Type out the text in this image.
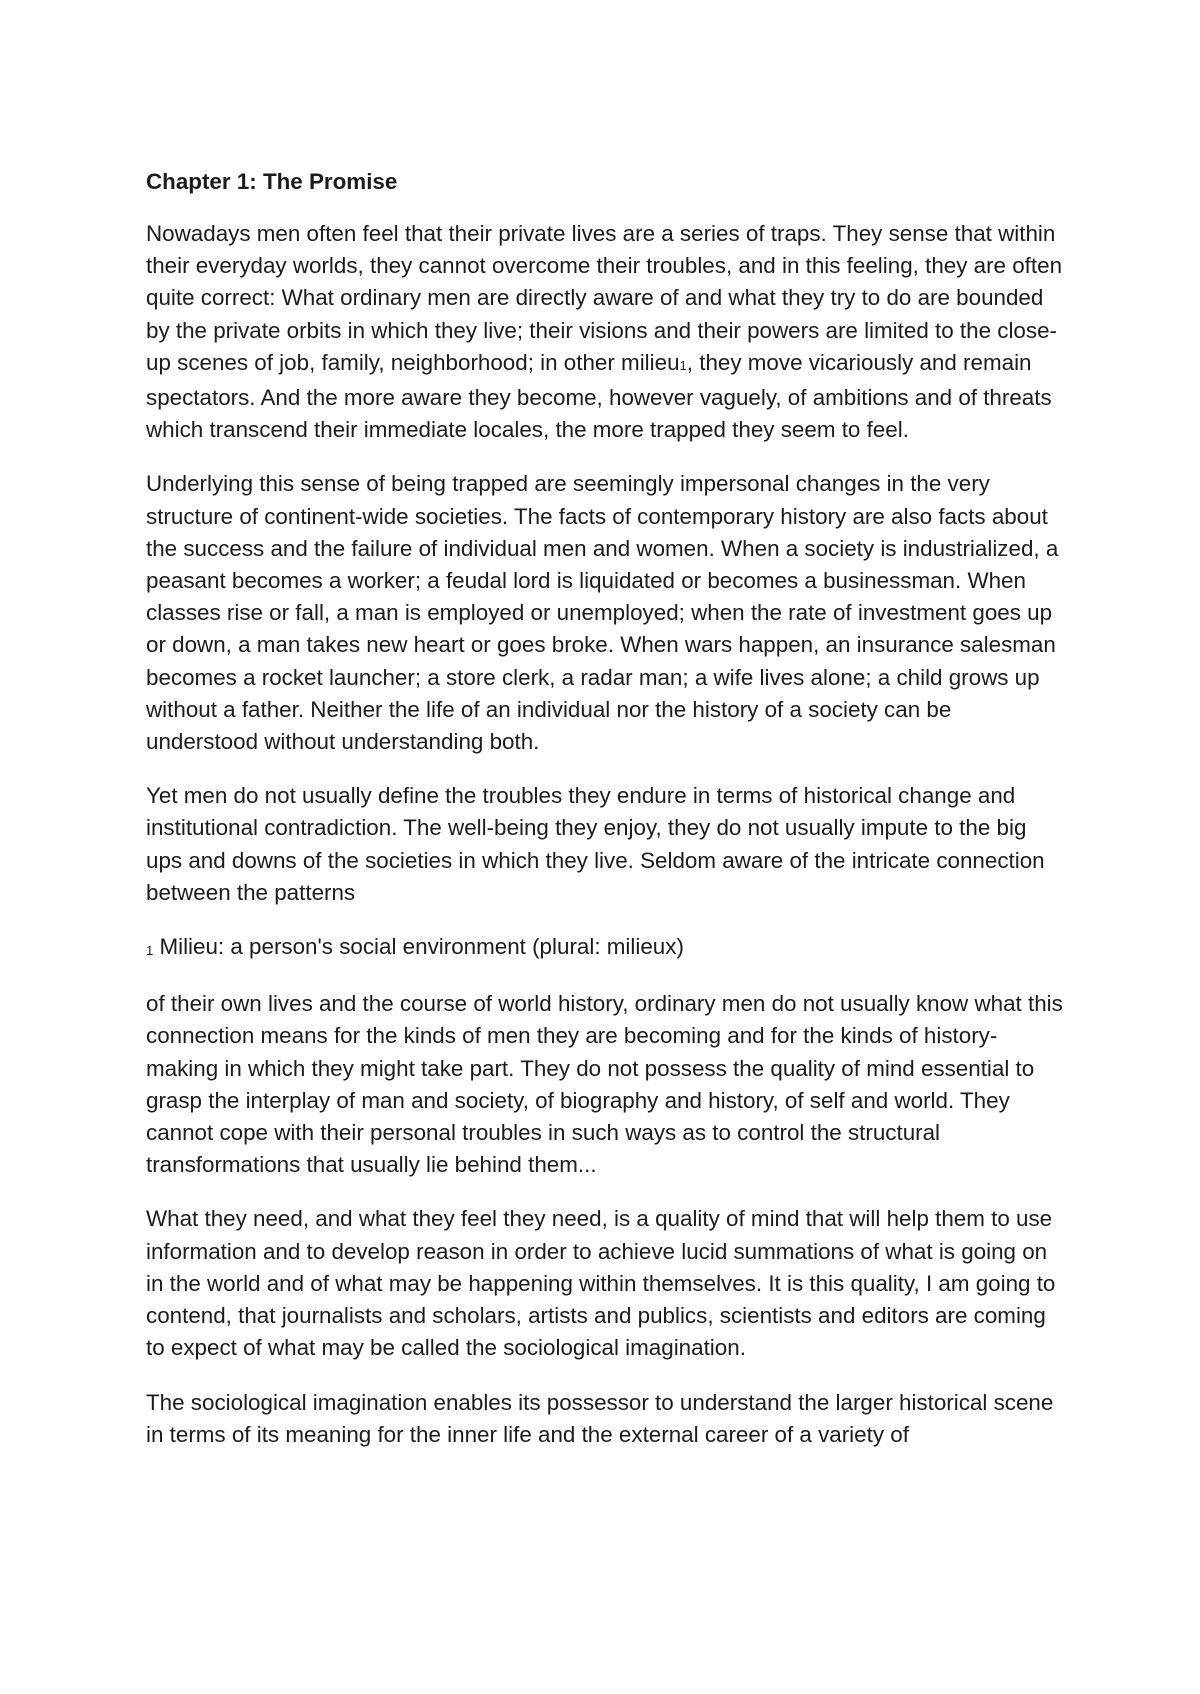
Chapter 1: The Promise

Nowadays men often feel that their private lives are a series of traps. They sense that within their everyday worlds, they cannot overcome their troubles, and in this feeling, they are often quite correct: What ordinary men are directly aware of and what they try to do are bounded by the private orbits in which they live; their visions and their powers are limited to the close-up scenes of job, family, neighborhood; in other milieu1, they move vicariously and remain spectators. And the more aware they become, however vaguely, of ambitions and of threats which transcend their immediate locales, the more trapped they seem to feel.

Underlying this sense of being trapped are seemingly impersonal changes in the very structure of continent-wide societies. The facts of contemporary history are also facts about the success and the failure of individual men and women. When a society is industrialized, a peasant becomes a worker; a feudal lord is liquidated or becomes a businessman. When classes rise or fall, a man is employed or unemployed; when the rate of investment goes up or down, a man takes new heart or goes broke. When wars happen, an insurance salesman becomes a rocket launcher; a store clerk, a radar man; a wife lives alone; a child grows up without a father. Neither the life of an individual nor the history of a society can be understood without understanding both.

Yet men do not usually define the troubles they endure in terms of historical change and institutional contradiction. The well-being they enjoy, they do not usually impute to the big ups and downs of the societies in which they live. Seldom aware of the intricate connection between the patterns

1 Milieu: a person's social environment (plural: milieux)

of their own lives and the course of world history, ordinary men do not usually know what this connection means for the kinds of men they are becoming and for the kinds of history-making in which they might take part. They do not possess the quality of mind essential to grasp the interplay of man and society, of biography and history, of self and world. They cannot cope with their personal troubles in such ways as to control the structural transformations that usually lie behind them...

What they need, and what they feel they need, is a quality of mind that will help them to use information and to develop reason in order to achieve lucid summations of what is going on in the world and of what may be happening within themselves. It is this quality, I am going to contend, that journalists and scholars, artists and publics, scientists and editors are coming to expect of what may be called the sociological imagination.

The sociological imagination enables its possessor to understand the larger historical scene in terms of its meaning for the inner life and the external career of a variety of
